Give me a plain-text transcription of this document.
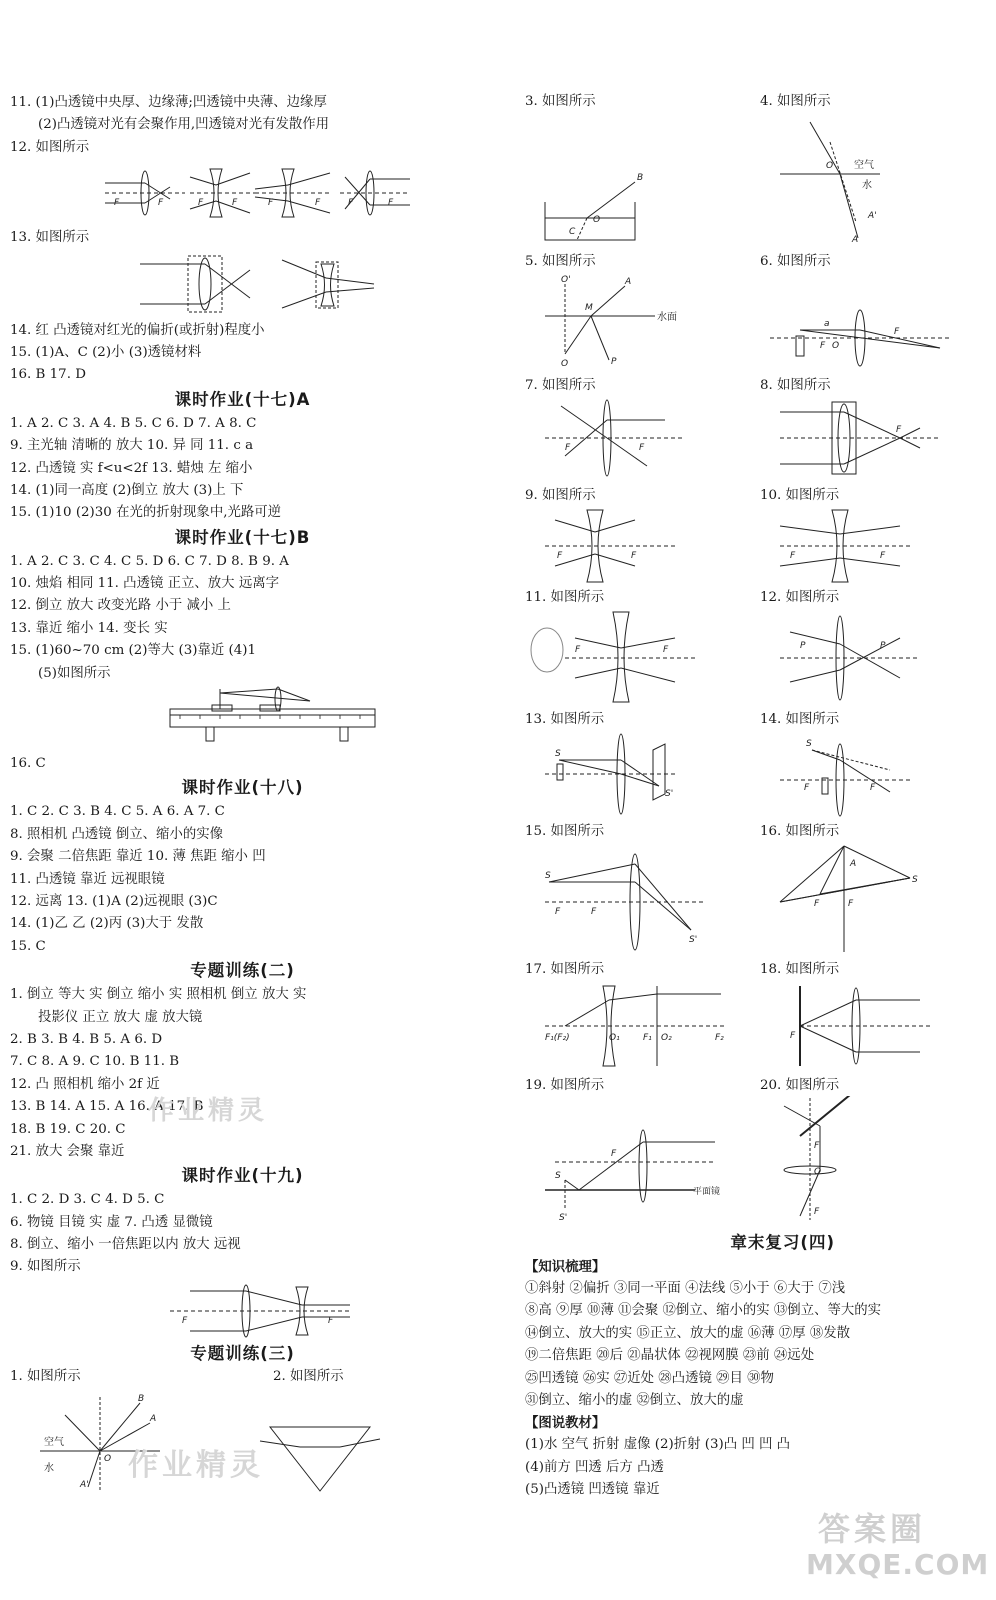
11. (1)凸透镜中央厚、边缘薄;凹透镜中央薄、边缘厚
(2)凸透镜对光有会聚作用,凹透镜对光有发散作用
12. 如图所示
F	F	F	F	F	F	F	F
13. 如图所示
14. 红 凸透镜对红光的偏折(或折射)程度小
15. (1)A、C (2)小 (3)透镜材料
16. B 17. D
课时作业(十七)A
1. A 2. C 3. A 4. B 5. C 6. D 7. A 8. C
9. 主光轴 清晰的 放大 10. 异 同 11. c a
12. 凸透镜 实 f<u<2f 13. 蜡烛 左 缩小
14. (1)同一高度 (2)倒立 放大 (3)上 下
15. (1)10 (2)30 在光的折射现象中,光路可逆
课时作业(十七)B
1. A 2. C 3. C 4. C 5. D 6. C 7. D 8. B 9. A
10. 烛焰 相同 11. 凸透镜 正立、放大 远离字
12. 倒立 放大 改变光路 小于 减小 上
13. 靠近 缩小 14. 变长 实
15. (1)60~70 cm (2)等大 (3)靠近 (4)1
(5)如图所示
16. C
课时作业(十八)
1. C 2. C 3. B 4. C 5. A 6. A 7. C
8. 照相机 凸透镜 倒立、缩小的实像
9. 会聚 二倍焦距 靠近 10. 薄 焦距 缩小 凹
11. 凸透镜 靠近 远视眼镜
12. 远离 13. (1)A (2)远视眼 (3)C
14. (1)乙 乙 (2)丙 (3)大于 发散
15. C
专题训练(二)
1. 倒立 等大 实 倒立 缩小 实 照相机 倒立 放大 实
投影仪 正立 放大 虚 放大镜
2. B 3. B 4. B 5. A 6. D
7. C 8. A 9. C 10. B 11. B
12. 凸 照相机 缩小 2f 近
13. B 14. A 15. A 16. A 17. B
18. B 19. C 20. C
21. 放大 会聚 靠近
课时作业(十九)
1. C 2. D 3. C 4. D 5. C
6. 物镜 目镜 实 虚 7. 凸透 显微镜
8. 倒立、缩小 一倍焦距以内 放大 远视
9. 如图所示
F	F
专题训练(三)
1. 如图所示	2. 如图所示
B
A
O
A'
空气
水
3. 如图所示
B
O
C
4. 如图所示
O
A
A'
空气
水
5. 如图所示
O'
M
A
O	P
水面
6. 如图所示
a
F O
F
7. 如图所示
F	F
8. 如图所示
F
9. 如图所示
F	F
10. 如图所示
F	F
11. 如图所示
F	F
12. 如图所示
P	P
13. 如图所示
S
S'
14. 如图所示
S
F	F
15. 如图所示
S
F	F
S'
16. 如图所示
A
S
F	F
17. 如图所示
F₁(F₂)	O₁	F₁ O₂	F₂
18. 如图所示
F
19. 如图所示
S
F
S'
平面镜
20. 如图所示
F
O
F
章末复习(四)
【知识梳理】
①斜射 ②偏折 ③同一平面 ④法线 ⑤小于 ⑥大于 ⑦浅
⑧高 ⑨厚 ⑩薄 ⑪会聚 ⑫倒立、缩小的实 ⑬倒立、等大的实
⑭倒立、放大的实 ⑮正立、放大的虚 ⑯薄 ⑰厚 ⑱发散
⑲二倍焦距 ⑳后 ㉑晶状体 ㉒视网膜 ㉓前 ㉔远处
㉕凹透镜 ㉖实 ㉗近处 ㉘凸透镜 ㉙目 ㉚物
㉛倒立、缩小的虚 ㉜倒立、放大的虚
【图说教材】
(1)水 空气 折射 虚像 (2)折射 (3)凸 凹 凹 凸
(4)前方 凹透 后方 凸透
(5)凸透镜 凹透镜 靠近
作业精灵
作业精灵
答案圈
MXQE.COM
